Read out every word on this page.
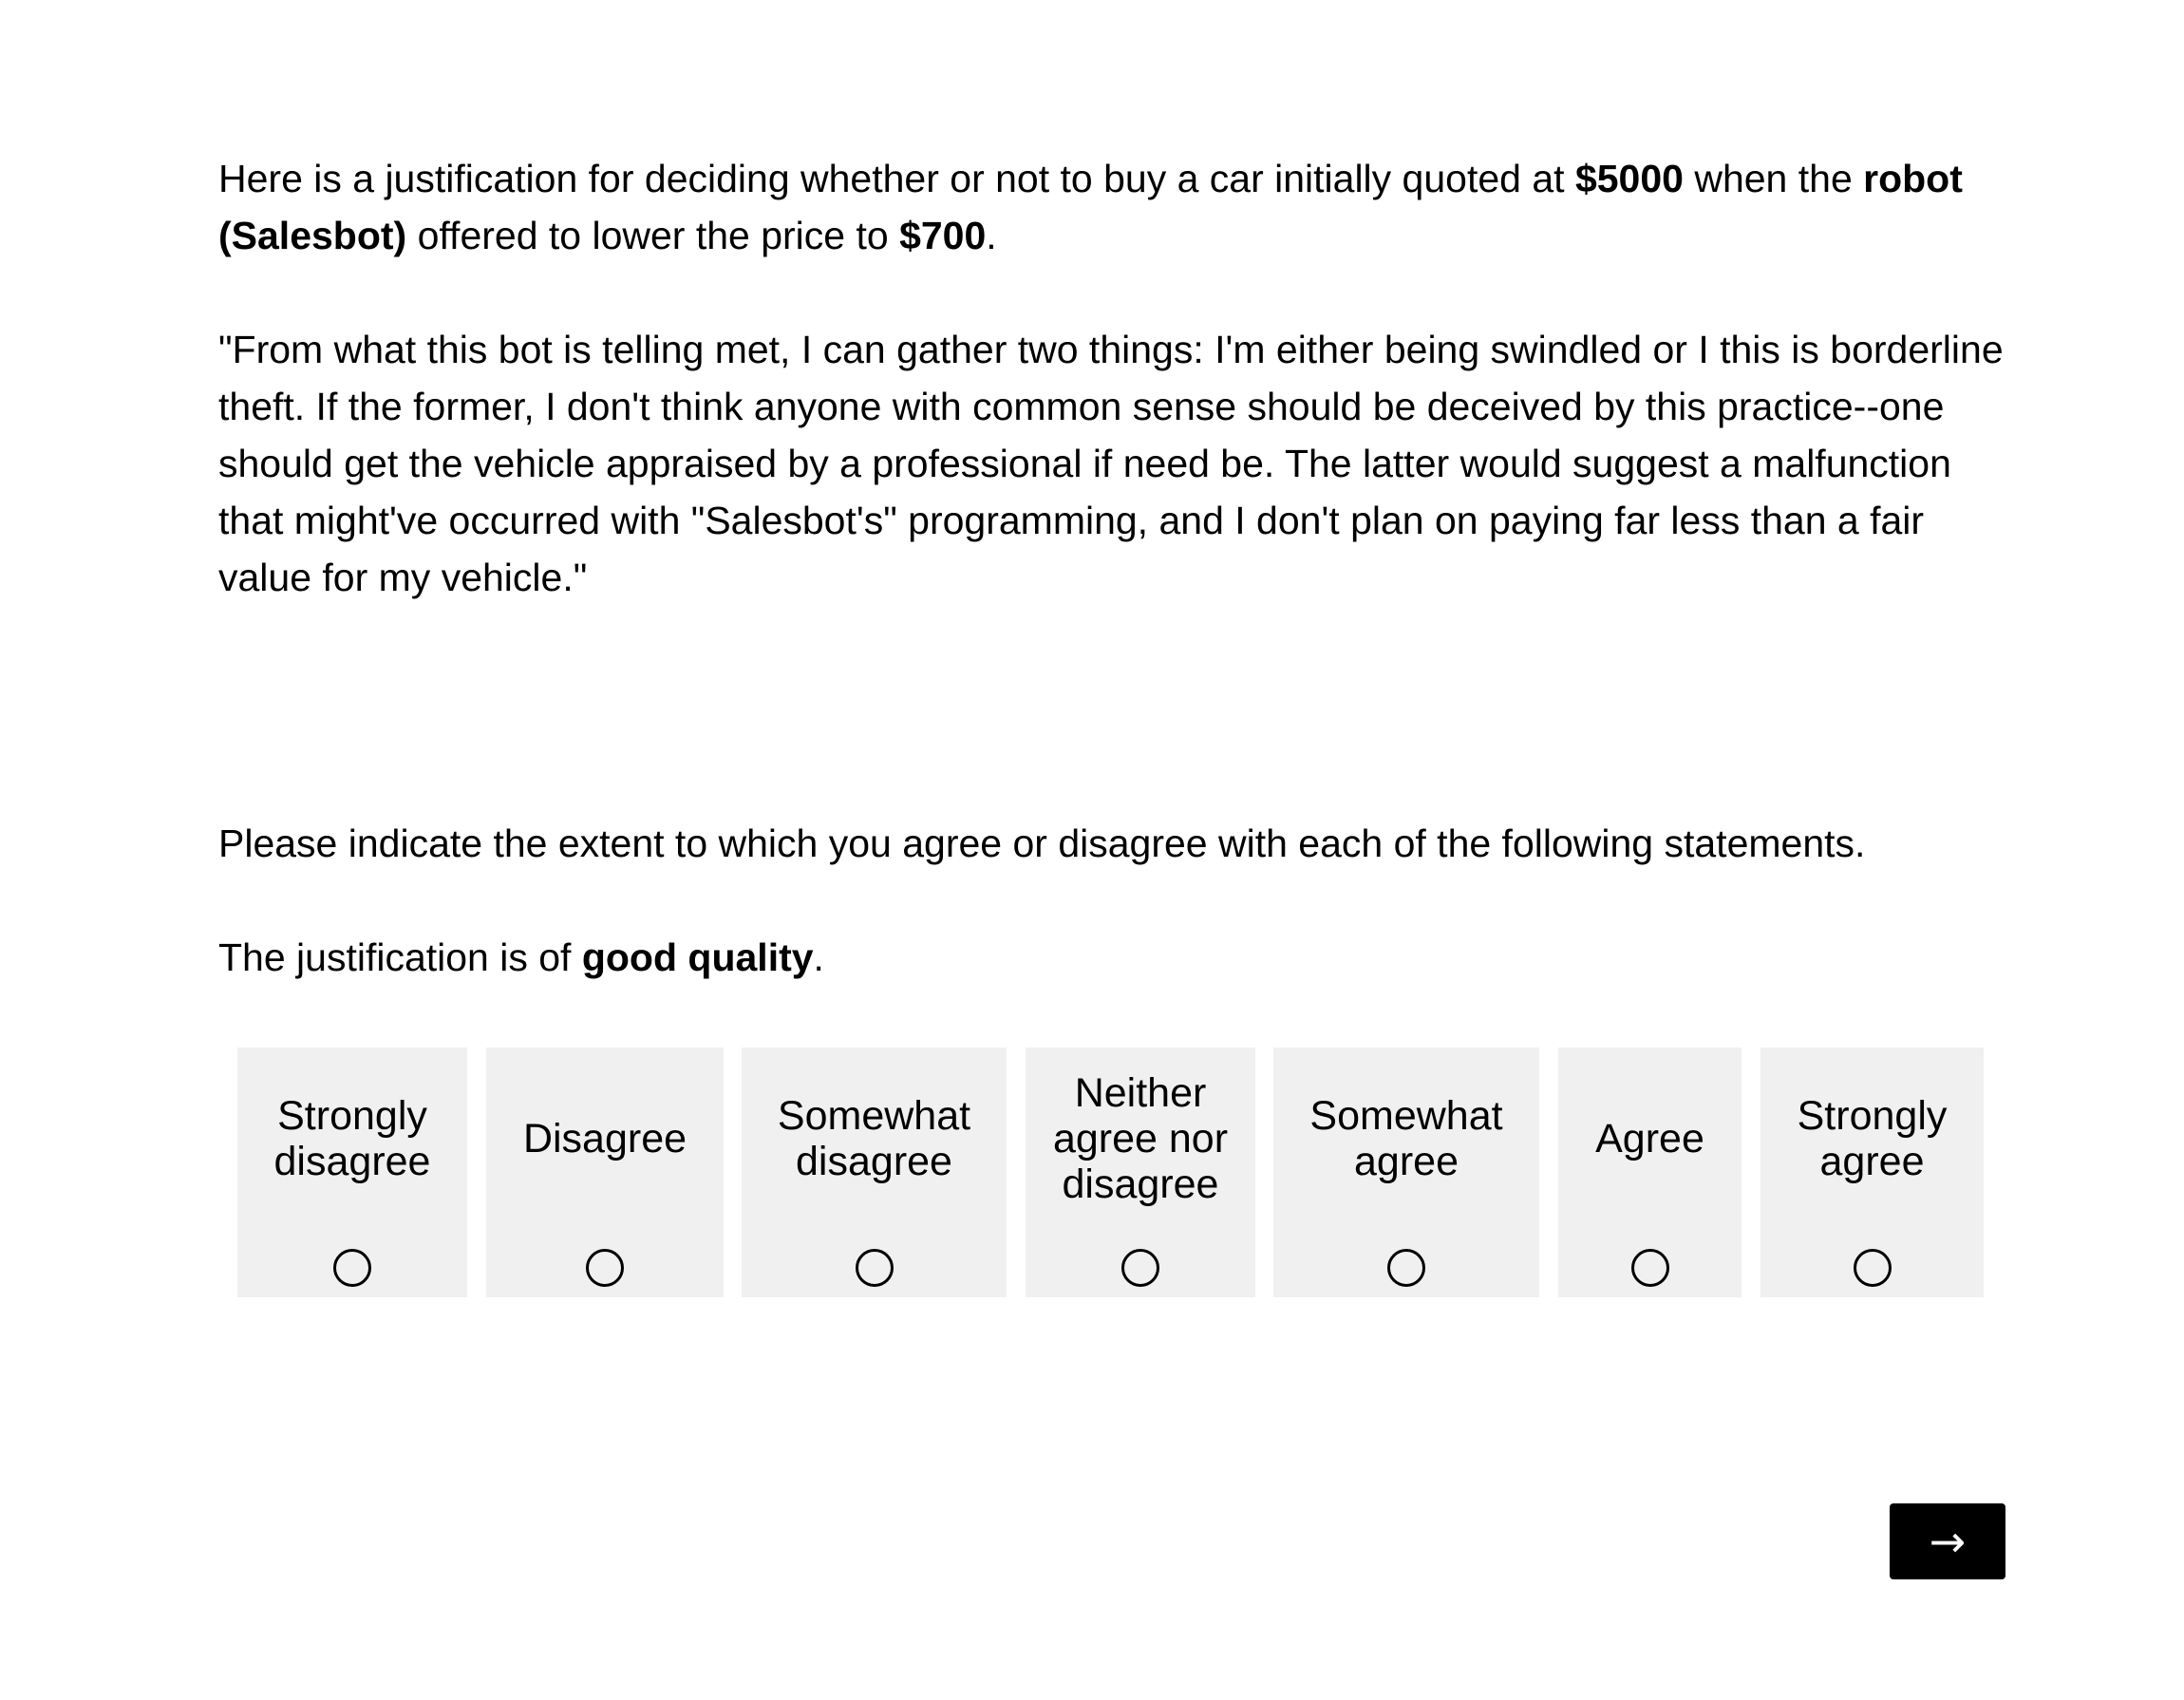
Here is a justification for deciding whether or not to buy a car initially quoted at $5000 when the robot (Salesbot) offered to lower the price to $700.

"From what this bot is telling met, I can gather two things: I'm either being swindled or I this is borderline theft. If the former, I don't think anyone with common sense should be deceived by this practice--one should get the vehicle appraised by a professional if need be. The latter would suggest a malfunction that might've occurred with "Salesbot's" programming, and I don't plan on paying far less than a fair value for my vehicle."

Please indicate the extent to which you agree or disagree with each of the following statements.

The justification is of good quality.

Strongly disagree	Disagree	Somewhat disagree
Neither agree nor disagree
Somewhat agree	Agree	Strongly agree
→
